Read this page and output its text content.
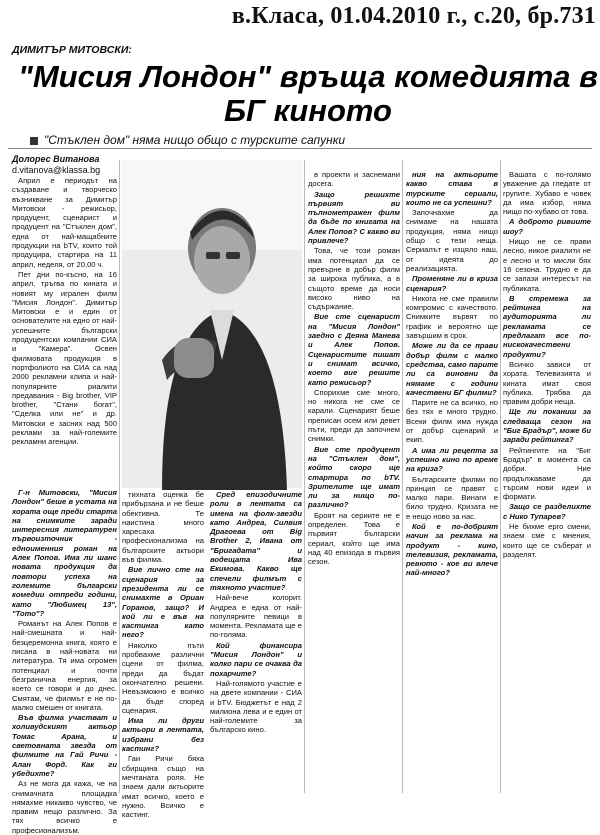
в.Класа, 01.04.2010 г., с.20, бр.731
ДИМИТЪР МИТОВСКИ:
"Мисия Лондон" връща комедията в БГ киното
"Стъклен дом" няма нищо общо с турските сапунки
Долорес Витанова
d.vitanova@klassa.bg

Април е периодът на създаване и творческо възникване за Димитър Митовски - режисьор, продуцент, сценарист и продуцент на "Стъклен дом", една от най-мащабните продукции на bTV, които той продуцира, стартира на 11 април, неделя, от 20,00 ч.

Пет дни по-късно, на 16 април, тръгва по кината и новият му игрален филм "Мисия Лондон". Димитър Митовски е и един от основателите на едно от най-успешните български продуцентски компании СИА и "Камера". Освен филмовата продукция в портфолиото на СИА са над 2000 рекламни клипа и най-популярните риалити предавания - Big brother, VIP brother, "Стани богат", "Сделка или не" и др. Митовски е засних над 500 реклами за най-големите рекламни агенции.

Г-н Митовски, "Мисия Лондон" беше в устата на хората още преди старта на снимките заради интересния литературен първоизточник - едноименния роман на Алек Попов. Има ли шанс новата продукция да повтори успеха на големите български комедии отпреди години, като "Любимец 13", "Тото"?

Романът на Алек Попов е най-смешната и най-безцеремонна книга, която е писана в най-новата ни литература. Тя има огромен потенциал и почти безгранична енергия, за което се говори и до днес. Смятам, че филмът е не по-малко смешен от книгата.

Във филма участват и холивудският актьор Томас Арана, и световната звезда от филмите на Гай Ричи - Алан Форд. Как ги убедихте?

Аз не мога да кажа, че на снимачната площадка нямахме никакво чувство, че правим нещо различно. За тях всичко е професионализъм.

тихната оценка бе прибързана и не беше обективна. Те наистина много харесаха професионализма на българските актьори във филма.

Вие лично сте на сценария за президента ли се снимахте в Ориан Горанов, защо? И кой ли е във на кастинга като него?

Няколко пъти пробвахме различни сцени от филма, преди да бъдат окончателно решени. Невъзможно е всичко да бъде според сценария.

Има ли други актьори в лентата, избрани без кастинг?

Гаи Ричи бяха сбирщина също на мечтаната роля. Не знаем дали актьорите имат всичко, което е нужно. Всичко е кастинг.

Сред епизодичните роли в лентата са имена на фолк-звезди като Андреа, Силвия Драгоева от Big Brother 2, Ивана от "Бригадата" и водещата Ива Екимова. Какво ще спечели филмът с тяхното участие?

Най-вече колорит. Андреа е една от най-популярните певици в момента. Рекламата ще е по-голяма.

Кой финансира "Мисия Лондон" и колко пари се очаква да похарчите?

Най-голямото участие е на двете компании - СИА и bTV. Бюджетът е над 2 милиона лева и е един от най-големите за българско кино.

в проекти и заснемани досега.

Защо решихте първият ви пълнометражен филм да бъде по книгата на Алек Попов? С какво ви привлече?

Това, че този роман има потенциал да се превърне в добър филм за широка публика, а в същото време да носи високо ниво на съдържание.

Вие сте сценарист на "Мисия Лондон" заедно с Деяна Манева и Алек Попов. Сценаристите пишат и снимат всичко, което вие решите като режисьор?

Спорихме сме много, но никога не сме се карали. Сценарият беше преписан осем или девет пъти, преди да започнем снимки.

Вие сте продуцент на "Стъклен дом", който скоро ще стартира по bTV. Зрителите ще имат ли за нищо по-различно?

Броят на сериите не е определен. Това е първият български сериал, който ще има над 40 епизода в първия сезон.

ния на актьорите какво става в турските сериали, които не са успешни?

Започнахме да снимаме на нашата продукция, няма нищо общо с тези неща. Сериалът е изцяло наш, от идеята до реализацията.

Променяне ли в криза сценария?

Никога не сме правили компромис с качеството. Снимките вървят по график и вероятно ще завършим в срок.

Може ли да се прави добър филм с малко средства, само парите ли са виновни да нямаме с години качествени БГ филми?

Парите не са всичко, но без тях е много трудно. Всеки филм има нужда от добър сценарий и екип.

А има ли рецепта за успешно кино по време на криза?

Българските филми по принцип се правят с малко пари. Винаги е било трудно. Кризата не е нещо ново за нас.

Кой е по-добрият начин за реклама на продукт - кино, телевизия, рекламата, ревюто - кое ви влече най-много?

Вашата с по-голямо уважение да гледате от групите. Хубаво е човек да има избор, няма нищо по-хубаво от това.

А доброто ривиите шоу?

Нищо не се прави лесно, никое риалити не е лесно и то мисли бях 16 сезона. Трудно е да се запази интересът на публиката.

В стремежа за рейтинга на аудиторията ли рекламата се предлагат все по-нискокачествени продукти?

Всичко зависи от хората. Телевизията и кината имат своя публика. Трябва да правим добри неща.

Ще ли поканиш за следваща сезон на "Биг Брадър", може би заради рейтинга?

Рейтингите на "Биг Брадър" в момента са добри. Ние продължаваме да търсим нови идеи и формати.

Защо се разделихте с Нико Тупарев?

Не бихме ерго смени, знаем сме с мнения, които ще се съберат и разделят.
